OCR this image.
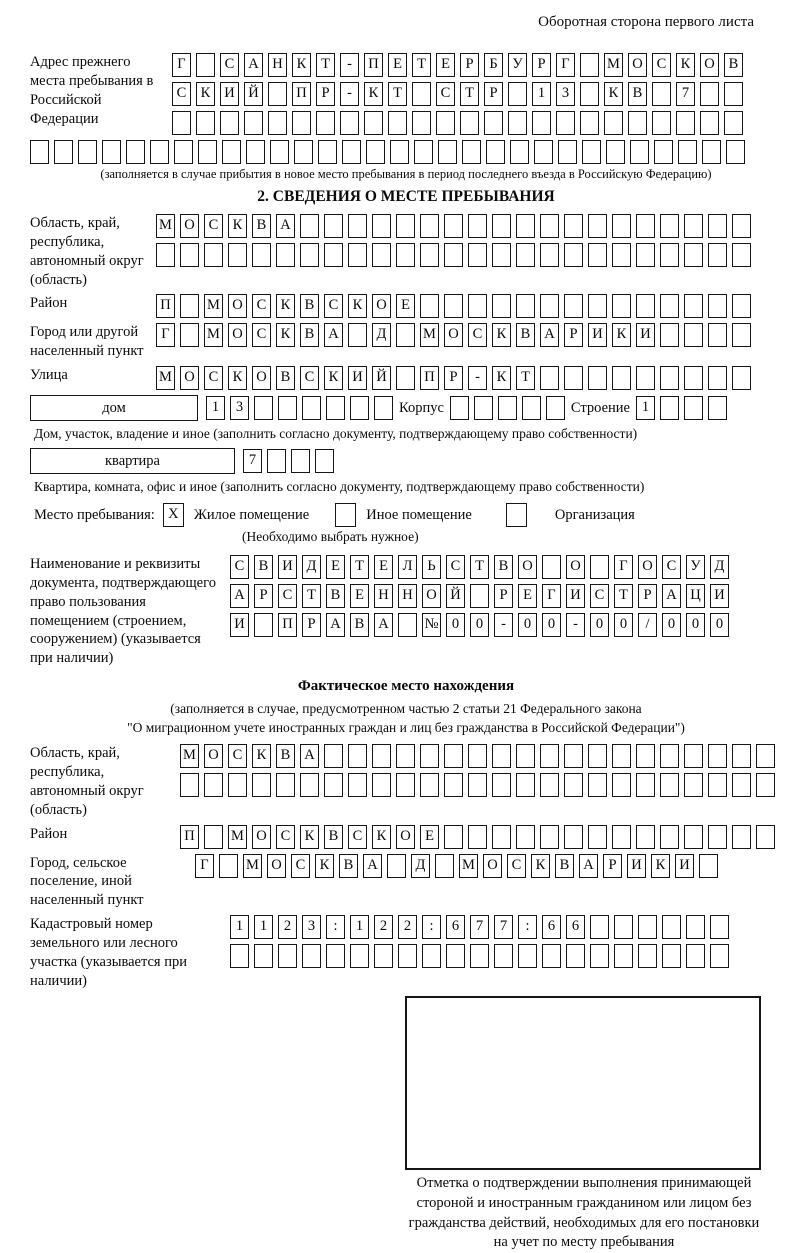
Оборотная сторона первого листа
Адрес прежнего места пребывания в Российской Федерации
Г	С А Н К	Т	-	П Е	Т	Е	Р	Б	У	Р	Г	М О С К О В
С К И Й	П	Р	-	К	Т	С	Т	Р	1	3	К В	7
(заполняется в случае прибытия в новое место пребывания в период последнего въезда в Российскую Федерацию)
2. СВЕДЕНИЯ О МЕСТЕ ПРЕБЫВАНИЯ
Область, край, республика, автономный округ (область)
М О С К В А
Район	П	М О С К В С К О Е
Город или другой населенный пункт
Г	М О С К В А	Д	М О С К В А	Р	И К И
Улица	М О С К О В С К И Й	П	Р	-	К	Т
дом	1	3	Корпус	Строение 1
Дом, участок, владение и иное (заполнить согласно документу, подтверждающему право собственности)
квартира	7
Квартира, комната, офис и иное (заполнить согласно документу, подтверждающему право собственности)
Место пребывания: X	Жилое помещение	Иное помещение	Организация
(Необходимо выбрать нужное)
Наименование и реквизиты документа, подтверждающего право пользования помещением (строением, сооружением) (указывается при наличии)
С В И Д	Е	Т	Е	Л	Ь	С	Т	В О	О	Г	О С У Д
А	Р	С	Т	В	Е Н Н О Й	Р	Е	Г	И С	Т	Р	А Ц И
И	П	Р	А В А № 0	0	-	0	0	-	0	0	/	0	0	0
Фактическое место нахождения
(заполняется в случае, предусмотренном частью 2 статьи 21 Федерального закона
"О миграционном учете иностранных граждан и лиц без гражданства в Российской Федерации")
Область, край, республика, автономный округ (область)
М О С К В А
Район	П	М О С К В С К О Е
Город, сельское поселение, иной населенный пункт
Г	М О С К В А	Д	М О С К В А	Р	И К И
Кадастровый номер земельного или лесного участка (указывается при наличии)
1	1	2	3	:	1	2	2	:	6	7	7	:	6	6
Отметка о подтверждении выполнения принимающей
стороной и иностранным гражданином или лицом без
гражданства действий, необходимых для его постановки
на учет по месту пребывания
